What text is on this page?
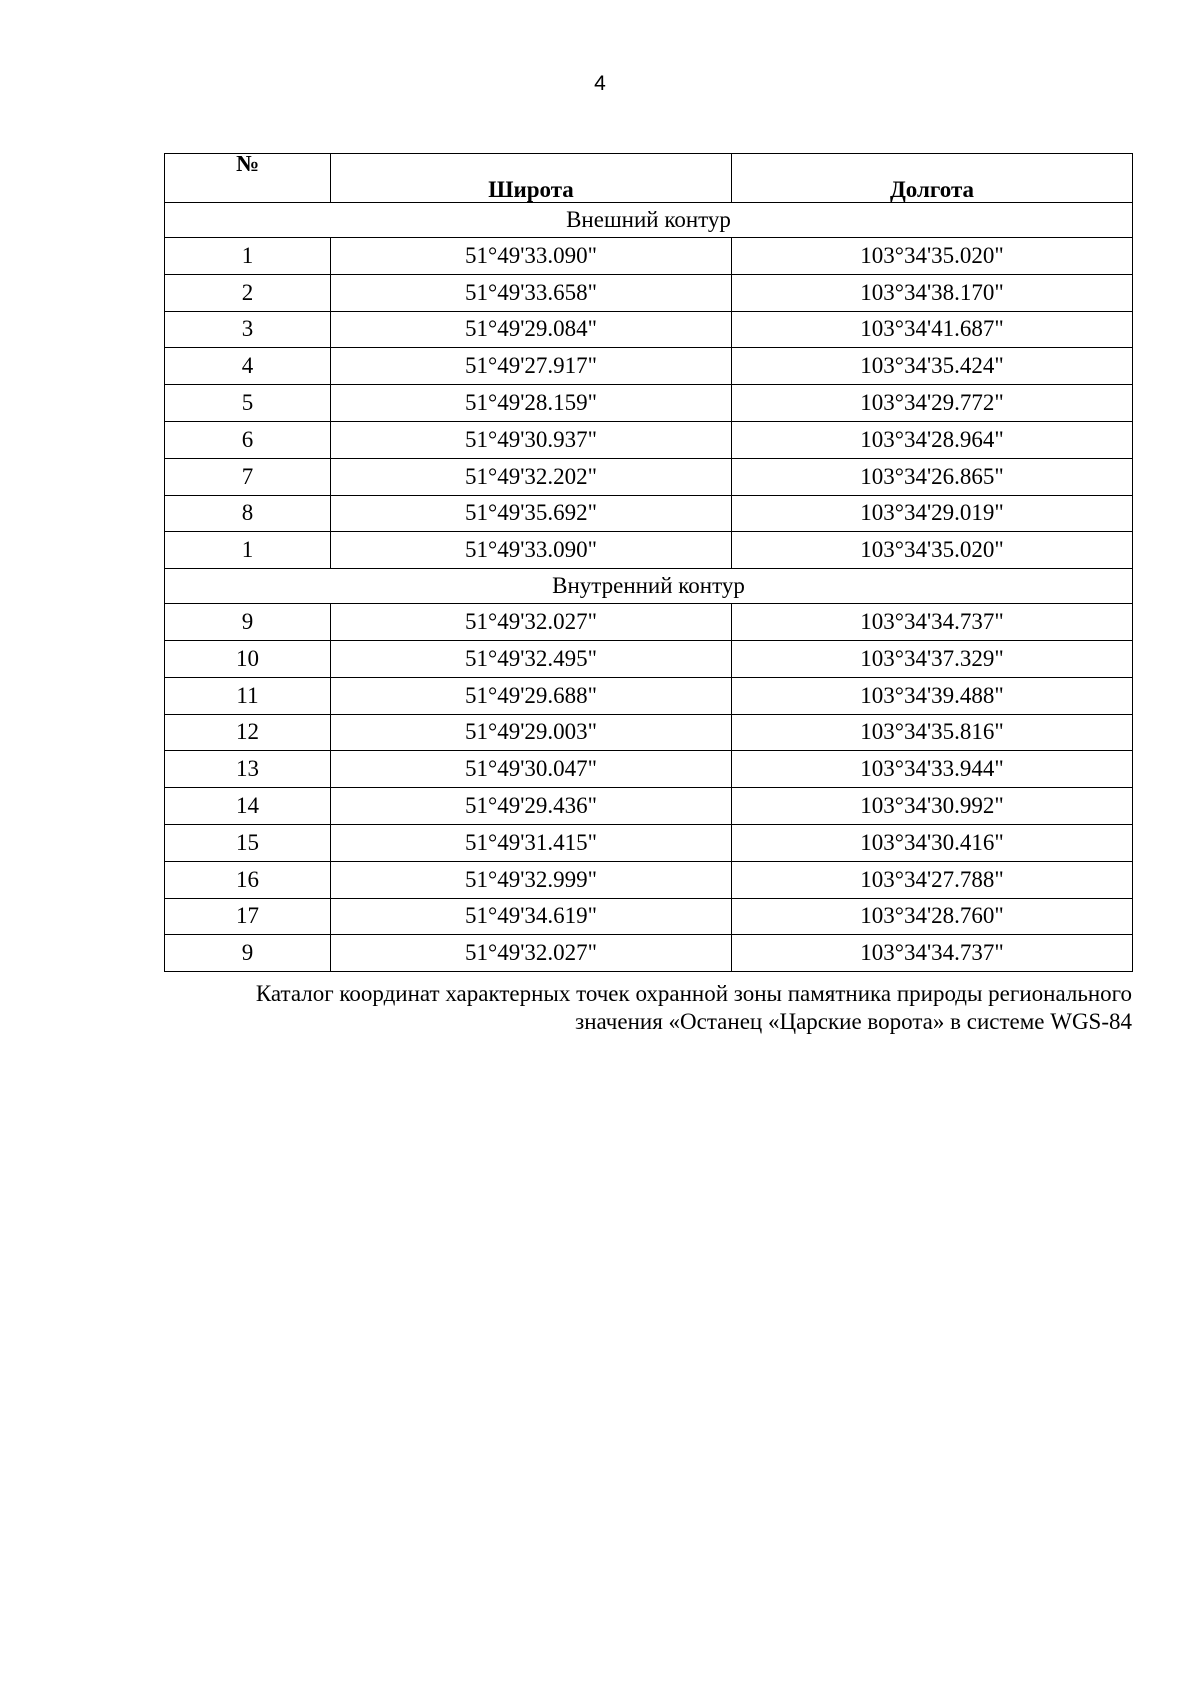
4
№	Широта	Долгота
Внешний контур		
1	51°49'33.090"	103°34'35.020"
2	51°49'33.658"	103°34'38.170"
3	51°49'29.084"	103°34'41.687"
4	51°49'27.917"	103°34'35.424"
5	51°49'28.159"	103°34'29.772"
6	51°49'30.937"	103°34'28.964"
7	51°49'32.202"	103°34'26.865"
8	51°49'35.692"	103°34'29.019"
1	51°49'33.090"	103°34'35.020"
Внутренний контур		
9	51°49'32.027"	103°34'34.737"
10	51°49'32.495"	103°34'37.329"
11	51°49'29.688"	103°34'39.488"
12	51°49'29.003"	103°34'35.816"
13	51°49'30.047"	103°34'33.944"
14	51°49'29.436"	103°34'30.992"
15	51°49'31.415"	103°34'30.416"
16	51°49'32.999"	103°34'27.788"
17	51°49'34.619"	103°34'28.760"
9	51°49'32.027"	103°34'34.737"
Каталог координат характерных точек охранной зоны памятника природы регионального
значения «Останец «Царские ворота» в системе WGS-84
